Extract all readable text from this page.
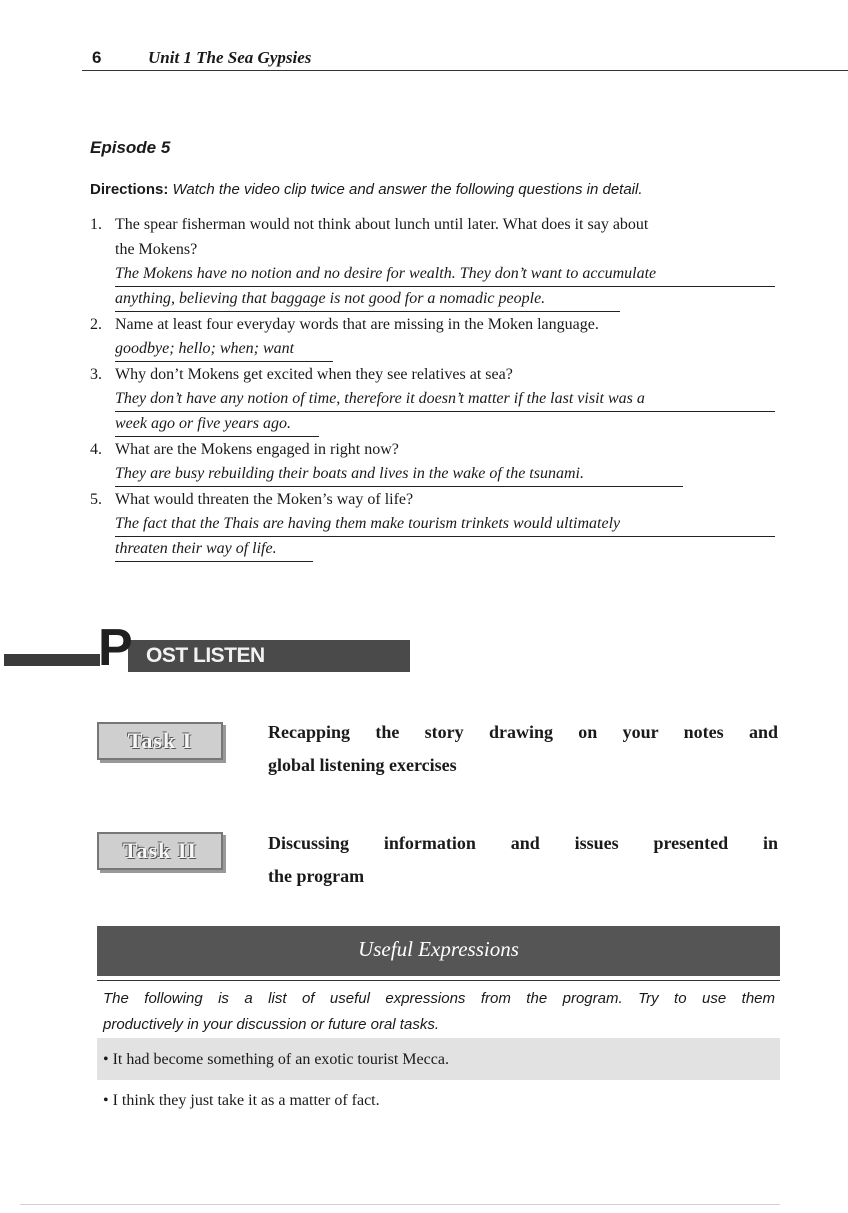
6	Unit 1 The Sea Gypsies
Episode 5
Directions: Watch the video clip twice and answer the following questions in detail.
1. The spear fisherman would not think about lunch until later. What does it say about
the Mokens?
The Mokens have no notion and no desire for wealth. They don’t want to accumulate
anything, believing that baggage is not good for a nomadic people.
2. Name at least four everyday words that are missing in the Moken language.
goodbye; hello; when; want
3. Why don’t Mokens get excited when they see relatives at sea?
They don’t have any notion of time, therefore it doesn’t matter if the last visit was a
week ago or five years ago.
4. What are the Mokens engaged in right now?
They are busy rebuilding their boats and lives in the wake of the tsunami.
5. What would threaten the Moken’s way of life?
The fact that the Thais are having them make tourism trinkets would ultimately
threaten their way of life.
P OST LISTEN
Task I	Recapping the story drawing on your notes and
global listening exercises
Task II	Discussing information and issues presented in
the program
Useful Expressions
The following is a list of useful expressions from the program. Try to use them
productively in your discussion or future oral tasks.
• It had become something of an exotic tourist Mecca.
• I think they just take it as a matter of fact.
